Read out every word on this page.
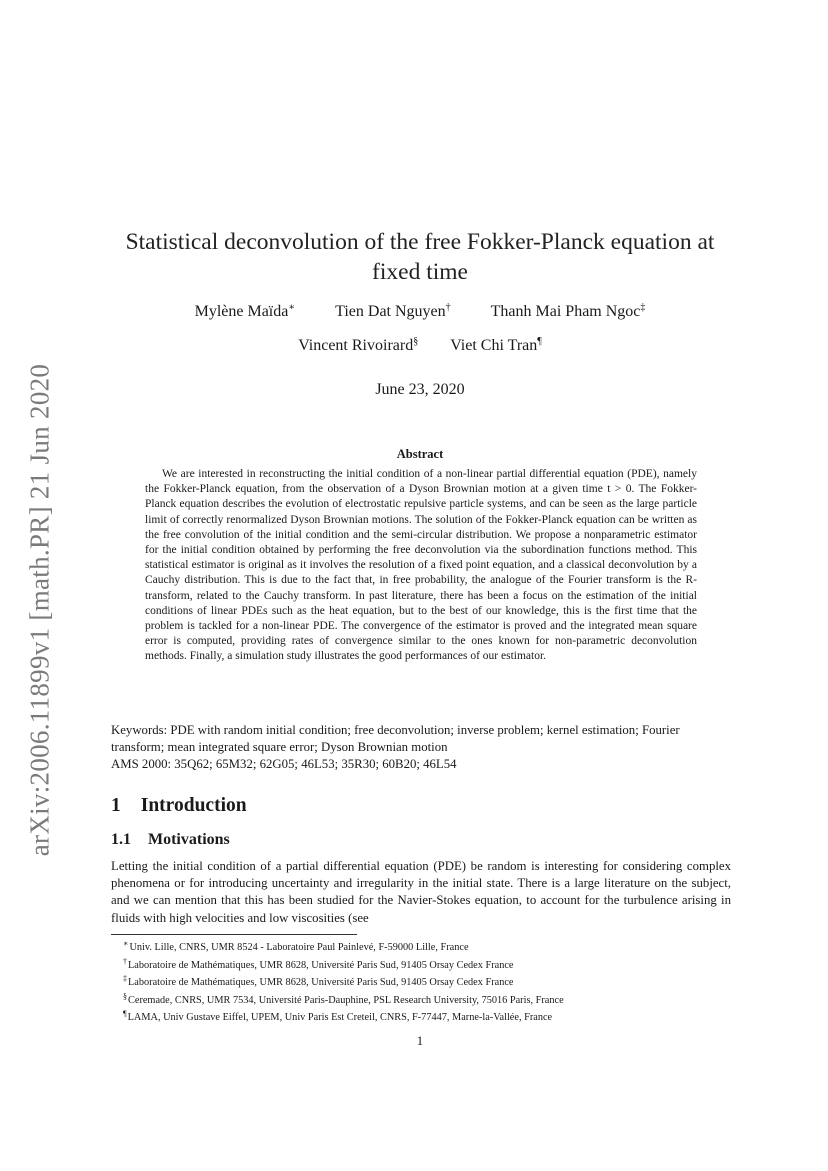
arXiv:2006.11899v1 [math.PR] 21 Jun 2020
Statistical deconvolution of the free Fokker-Planck equation at fixed time
Mylène Maïda∗	Tien Dat Nguyen†	Thanh Mai Pham Ngoc‡
Vincent Rivoirard§ Viet Chi Tran¶
June 23, 2020
Abstract

We are interested in reconstructing the initial condition of a non-linear partial differential equation (PDE), namely the Fokker-Planck equation, from the observation of a Dyson Brownian motion at a given time t > 0. The Fokker-Planck equation describes the evolution of electrostatic repulsive particle systems, and can be seen as the large particle limit of correctly renormalized Dyson Brownian motions. The solution of the Fokker-Planck equation can be written as the free convolution of the initial condition and the semi-circular distribution. We propose a nonparametric estimator for the initial condition obtained by performing the free deconvolution via the subordination functions method. This statistical estimator is original as it involves the resolution of a fixed point equation, and a classical deconvolution by a Cauchy distribution. This is due to the fact that, in free probability, the analogue of the Fourier transform is the R-transform, related to the Cauchy transform. In past literature, there has been a focus on the estimation of the initial conditions of linear PDEs such as the heat equation, but to the best of our knowledge, this is the first time that the problem is tackled for a non-linear PDE. The convergence of the estimator is proved and the integrated mean square error is computed, providing rates of convergence similar to the ones known for non-parametric deconvolution methods. Finally, a simulation study illustrates the good performances of our estimator.

Keywords: PDE with random initial condition; free deconvolution; inverse problem; kernel estimation; Fourier transform; mean integrated square error; Dyson Brownian motion

AMS 2000: 35Q62; 65M32; 62G05; 46L53; 35R30; 60B20; 46L54

1 Introduction
1.1 Motivations

Letting the initial condition of a partial differential equation (PDE) be random is interesting for considering complex phenomena or for introducing uncertainty and irregularity in the initial state. There is a large literature on the subject, and we can mention that this has been studied for the Navier-Stokes equation, to account for the turbulence arising in fluids with high velocities and low viscosities (see

∗Univ. Lille, CNRS, UMR 8524 - Laboratoire Paul Painlevé, F-59000 Lille, France

†Laboratoire de Mathématiques, UMR 8628, Université Paris Sud, 91405 Orsay Cedex France

‡Laboratoire de Mathématiques, UMR 8628, Université Paris Sud, 91405 Orsay Cedex France

§Ceremade, CNRS, UMR 7534, Université Paris-Dauphine, PSL Research University, 75016 Paris, France

¶LAMA, Univ Gustave Eiffel, UPEM, Univ Paris Est Creteil, CNRS, F-77447, Marne-la-Vallée, France

1
